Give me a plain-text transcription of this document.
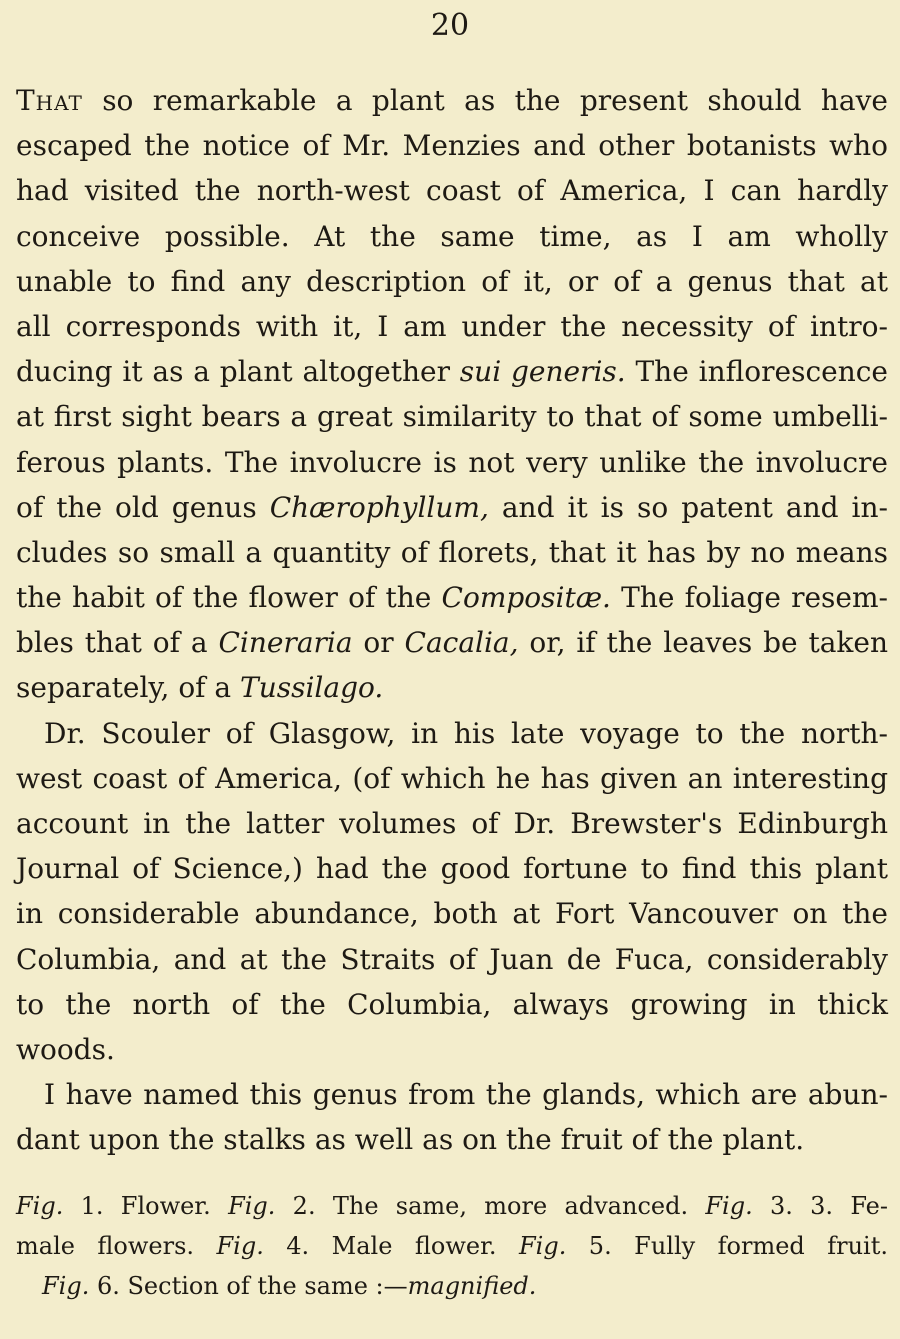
20
That so remarkable a plant as the present should have
escaped the notice of Mr. Menzies and other botanists who
had visited the north-west coast of America, I can hardly
conceive possible. At the same time, as I am wholly
unable to find any description of it, or of a genus that at
all corresponds with it, I am under the necessity of intro-
ducing it as a plant altogether sui generis. The inflorescence
at first sight bears a great similarity to that of some umbelli-
ferous plants. The involucre is not very unlike the involucre
of the old genus Chærophyllum, and it is so patent and in-
cludes so small a quantity of florets, that it has by no means
the habit of the flower of the Compositæ. The foliage resem-
bles that of a Cineraria or Cacalia, or, if the leaves be taken
separately, of a Tussilago.
Dr. Scouler of Glasgow, in his late voyage to the north-
west coast of America, (of which he has given an interesting
account in the latter volumes of Dr. Brewster's Edinburgh
Journal of Science,) had the good fortune to find this plant
in considerable abundance, both at Fort Vancouver on the
Columbia, and at the Straits of Juan de Fuca, considerably
to the north of the Columbia, always growing in thick
woods.
I have named this genus from the glands, which are abun-
dant upon the stalks as well as on the fruit of the plant.
Fig. 1. Flower. Fig. 2. The same, more advanced. Fig. 3. 3. Fe-
male flowers. Fig. 4. Male flower. Fig. 5. Fully formed fruit.
Fig. 6. Section of the same :—magnified.
